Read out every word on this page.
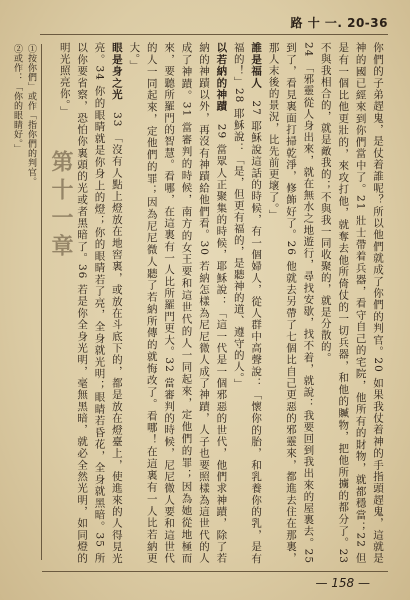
路 十 一. 20-36

你們的子弟趕鬼，是仗着誰呢？所以他們就成了你們的判官。20 如果我仗着神的手指頭趕鬼，這就是神的國已經來到你們當中了。21 壯士帶着兵器，看守自己的宅院，他所有的財物，就都穩當；22 但是有一個比他更壯的，來攻打他，就奪去他所倚仗的一切兵器，和他的贓物，把他所擄的都分了。23 不與我相合的，就是敵我的；不與我一同收聚的，就是分散的。

24 「邪靈從人身出來，就在無水之地遊行，尋找安歇，找不着，就說：我要回到我出來的屋裏去。25 到了，看見裏面打掃乾淨，修飾好了。26 他就去另帶了七個比自己更惡的邪靈來，都進去住在那裏，那人末後的景況，比先前更壞了。」

誰是福人　27 耶穌說這話的時候，有一個婦人，從人群中高聲說：「懷你的胎，和乳養你的乳，是有福的！」28 耶穌說：「是，但更有福的，是聽神的道、遵守的人。」

以若納的神蹟　29 當眾人正聚集的時候，耶穌說：「這一代是一個邪惡的世代，他們求神蹟，除了若納的神蹟以外，再沒有神蹟給他們看。30 若納怎樣為尼尼微人成了神蹟，人子也要照樣為這世代的人成了神蹟。31 當審判的時候，南方的女王要和這世代的人一同起來，定他們的罪；因為她從地極而來，要聽所羅門的智慧。看哪，在這裏有一人比所羅門更大。32 當審判的時候，尼尼微人要和這世代的人一同起來，定他們的罪；因為尼尼微人聽了若納所傳的就悔改了。看哪！在這裏有一人比若納更大。」

眼是身之光　33 「沒有人點上燈放在地窖裏，或放在斗底下的，都是放在燈臺上，使進來的人得見光亮。34 你的眼睛就是你身上的燈；你的眼睛若了亮，全身就光明；眼睛若昏花，全身就黑暗。35 所以你要省察，恐怕你裏頭的光或者黑暗了。36 若是你全身光明，毫無黑暗，就必全然光明，如同燈的明光照亮你。」

第十一章
①按你們」或作「指你們的判官。
②或作：「你的眼睛好。」
— 158 —
